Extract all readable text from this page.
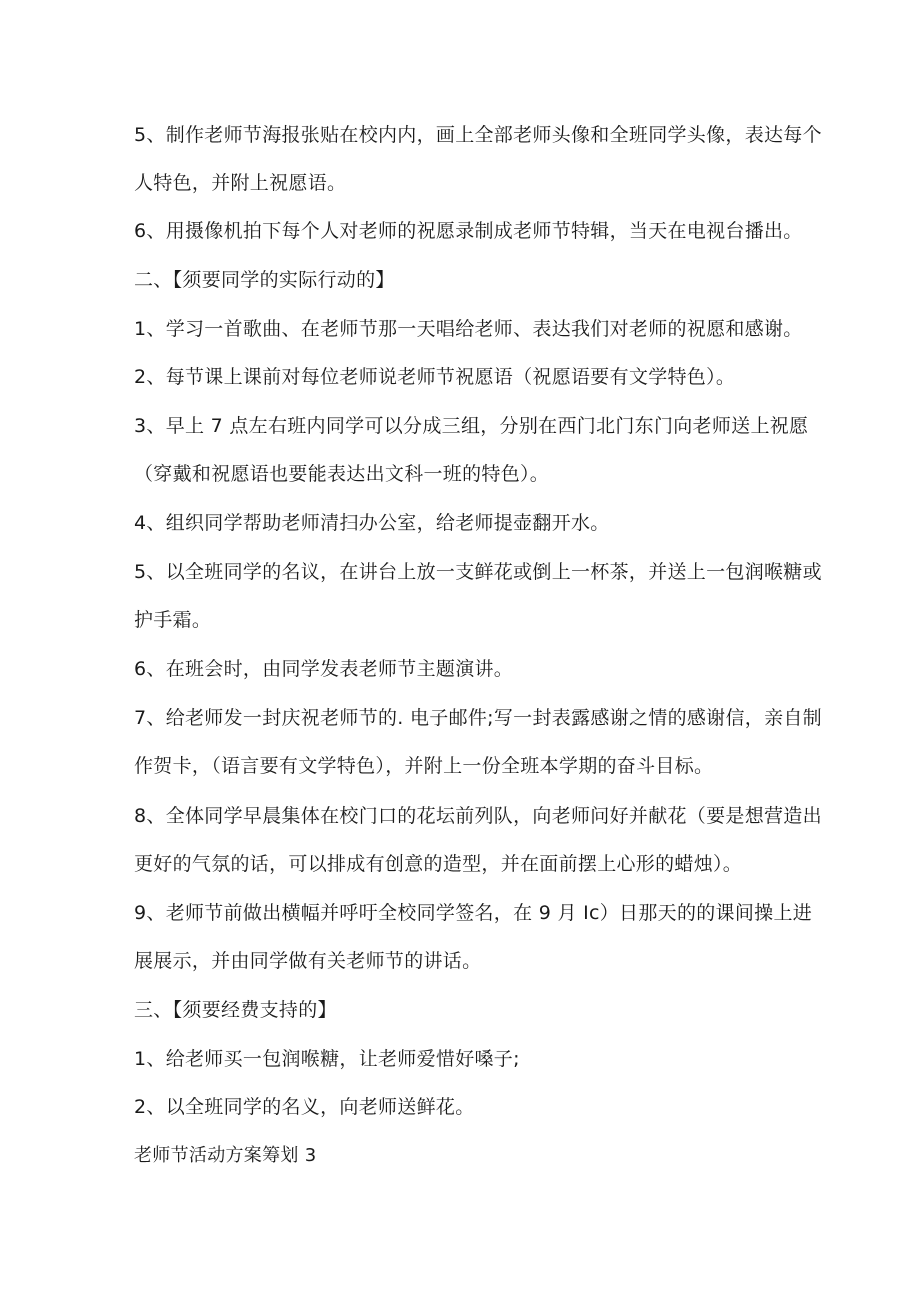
5、制作老师节海报张贴在校内内，画上全部老师头像和全班同学头像，表达每个
人特色，并附上祝愿语。
6、用摄像机拍下每个人对老师的祝愿录制成老师节特辑，当天在电视台播出。
二、【须要同学的实际行动的】
1、学习一首歌曲、在老师节那一天唱给老师、表达我们对老师的祝愿和感谢。
2、每节课上课前对每位老师说老师节祝愿语（祝愿语要有文学特色）。
3、早上 7 点左右班内同学可以分成三组，分别在西门北门东门向老师送上祝愿
（穿戴和祝愿语也要能表达出文科一班的特色）。
4、组织同学帮助老师清扫办公室，给老师提壶翻开水。
5、以全班同学的名议，在讲台上放一支鲜花或倒上一杯茶，并送上一包润喉糖或
护手霜。
6、在班会时，由同学发表老师节主题演讲。
7、给老师发一封庆祝老师节的. 电子邮件;写一封表露感谢之情的感谢信，亲自制
作贺卡，（语言要有文学特色），并附上一份全班本学期的奋斗目标。
8、全体同学早晨集体在校门口的花坛前列队，向老师问好并献花（要是想营造出
更好的气氛的话，可以排成有创意的造型，并在面前摆上心形的蜡烛）。
9、老师节前做出横幅并呼吁全校同学签名，在 9 月 Ic）日那天的的课间操上进
展展示，并由同学做有关老师节的讲话。
三、【须要经费支持的】
1、给老师买一包润喉糖，让老师爱惜好嗓子;
2、以全班同学的名义，向老师送鲜花。
老师节活动方案筹划 3
